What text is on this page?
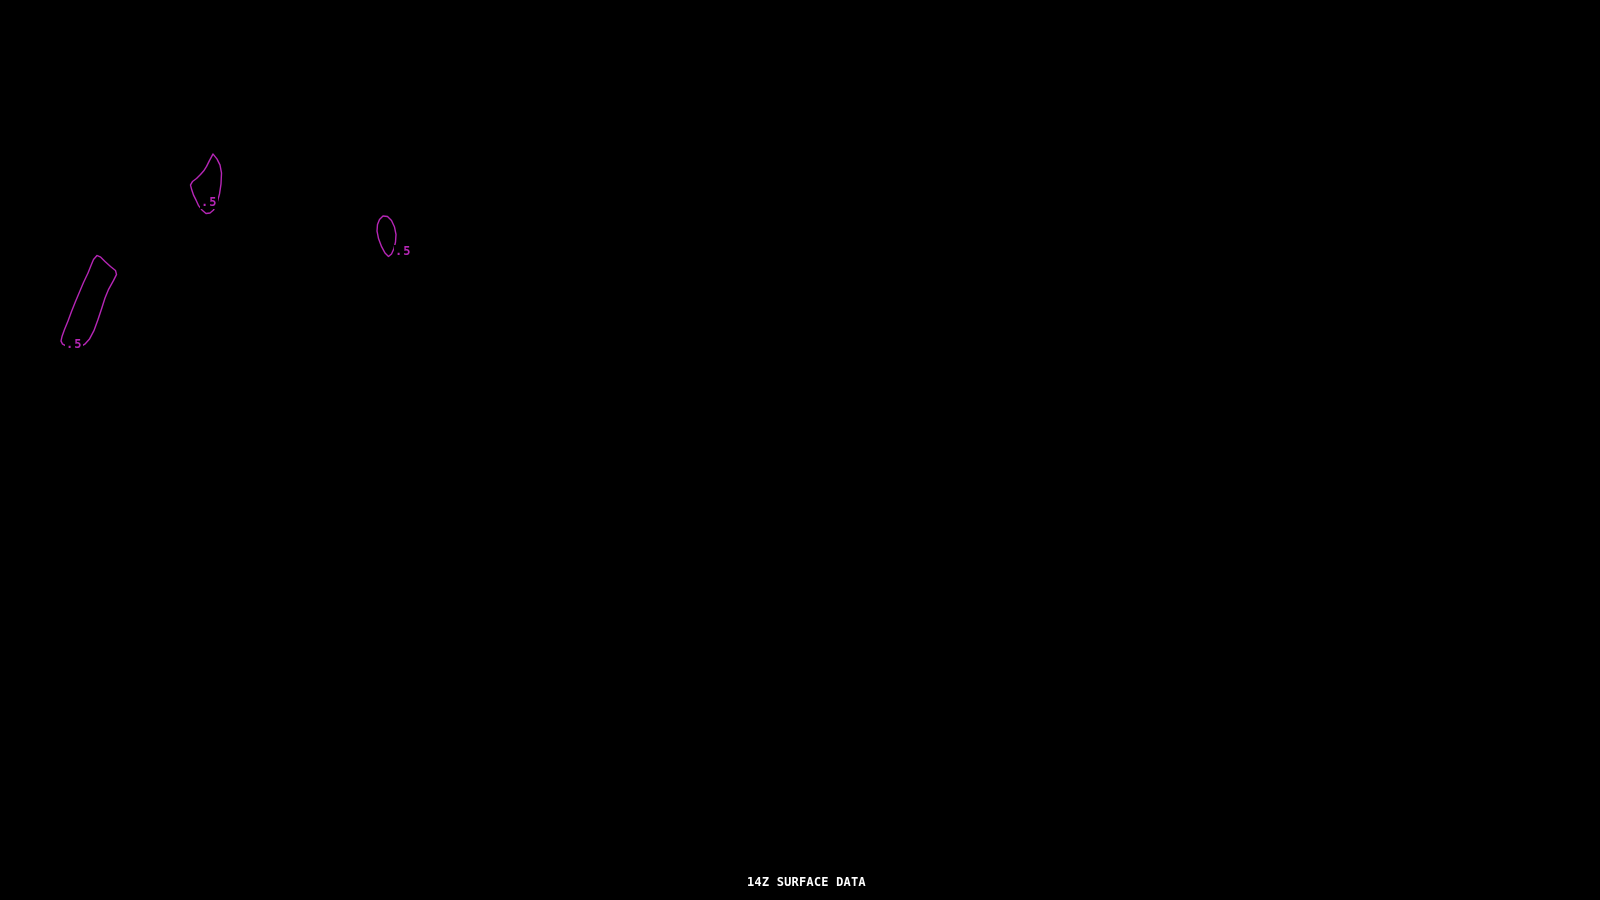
.5
.5
.5
14Z SURFACE DATA
